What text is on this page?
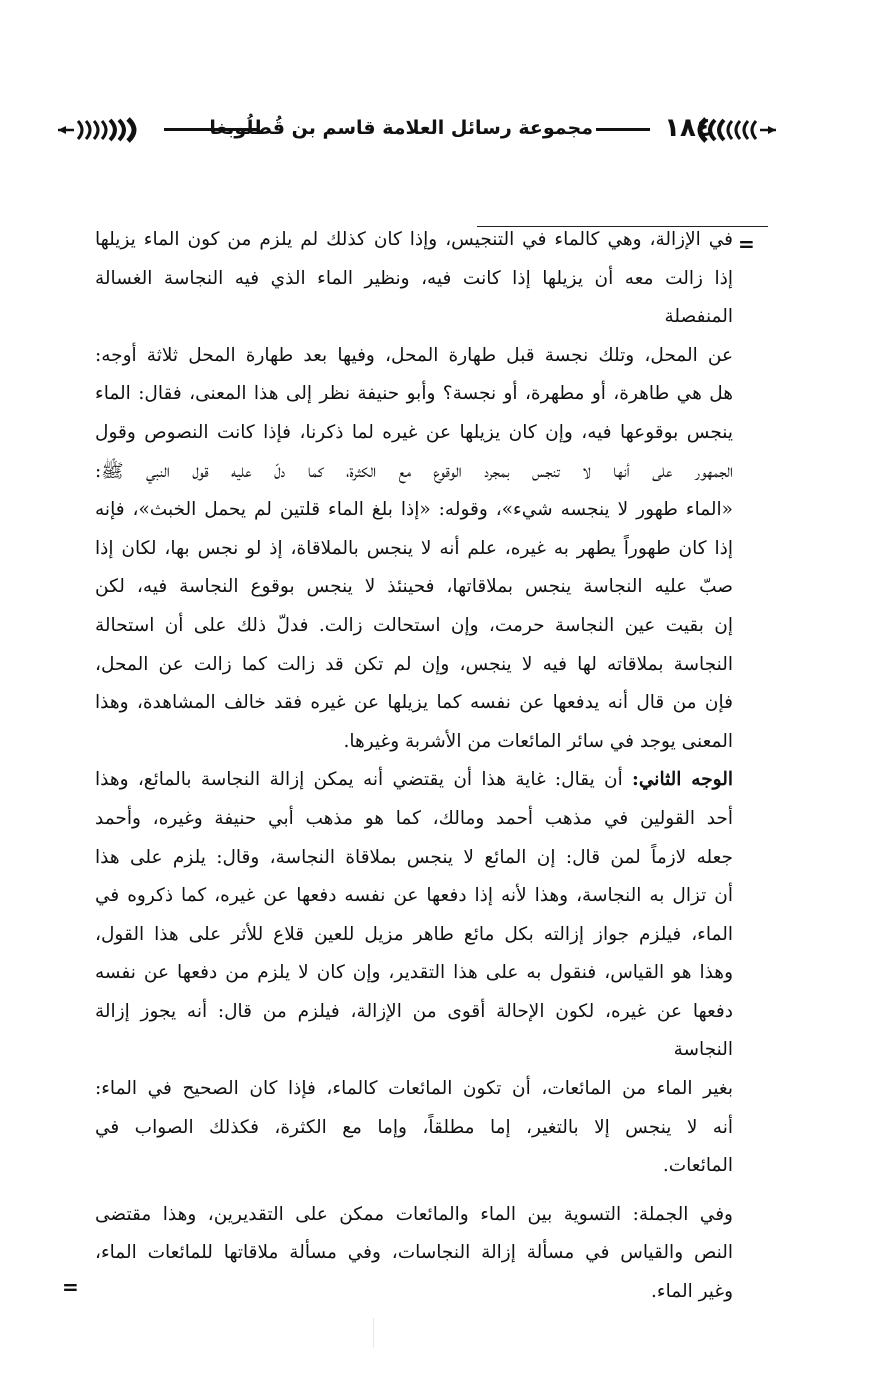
مجموعة رسائل العلامة قاسم بن قُطلُوبغا	١٨٤
=

في الإزالة، وهي كالماء في التنجيس، وإذا كان كذلك لم يلزم من كون الماء يزيلها
إذا زالت معه أن يزيلها إذا كانت فيه، ونظير الماء الذي فيه النجاسة الغسالة المنفصلة
عن المحل، وتلك نجسة قبل طهارة المحل، وفيها بعد طهارة المحل ثلاثة أوجه:
هل هي طاهرة، أو مطهرة، أو نجسة؟ وأبو حنيفة نظر إلى هذا المعنى، فقال: الماء
ينجس بوقوعها فيه، وإن كان يزيلها عن غيره لما ذكرنا، فإذا كانت النصوص وقول
الجمهور على أنها لا تنجس بمجرد الوقوع مع الكثرة، كما دلّ عليه قول النبي ﷺ:
«الماء طهور لا ينجسه شيء»، وقوله: «إذا بلغ الماء قلتين لم يحمل الخبث»، فإنه
إذا كان طهوراً يطهر به غيره، علم أنه لا ينجس بالملاقاة، إذ لو نجس بها، لكان إذا
صبّ عليه النجاسة ينجس بملاقاتها، فحينئذ لا ينجس بوقوع النجاسة فيه، لكن
إن بقيت عين النجاسة حرمت، وإن استحالت زالت. فدلّ ذلك على أن استحالة
النجاسة بملاقاته لها فيه لا ينجس، وإن لم تكن قد زالت كما زالت عن المحل،
فإن من قال أنه يدفعها عن نفسه كما يزيلها عن غيره فقد خالف المشاهدة، وهذا
المعنى يوجد في سائر المائعات من الأشربة وغيرها.

الوجه الثاني: أن يقال: غاية هذا أن يقتضي أنه يمكن إزالة النجاسة بالمائع، وهذا
أحد القولين في مذهب أحمد ومالك، كما هو مذهب أبي حنيفة وغيره، وأحمد
جعله لازماً لمن قال: إن المائع لا ينجس بملاقاة النجاسة، وقال: يلزم على هذا
أن تزال به النجاسة، وهذا لأنه إذا دفعها عن نفسه دفعها عن غيره، كما ذكروه في
الماء، فيلزم جواز إزالته بكل مائع طاهر مزيل للعين قلاع للأثر على هذا القول،
وهذا هو القياس، فنقول به على هذا التقدير، وإن كان لا يلزم من دفعها عن نفسه
دفعها عن غيره، لكون الإحالة أقوى من الإزالة، فيلزم من قال: أنه يجوز إزالة النجاسة
بغير الماء من المائعات، أن تكون المائعات كالماء، فإذا كان الصحيح في الماء:
أنه لا ينجس إلا بالتغير، إما مطلقاً، وإما مع الكثرة، فكذلك الصواب في
المائعات.

وفي الجملة: التسوية بين الماء والمائعات ممكن على التقديرين، وهذا مقتضى
النص والقياس في مسألة إزالة النجاسات، وفي مسألة ملاقاتها للمائعات الماء،
وغير الماء.

=
